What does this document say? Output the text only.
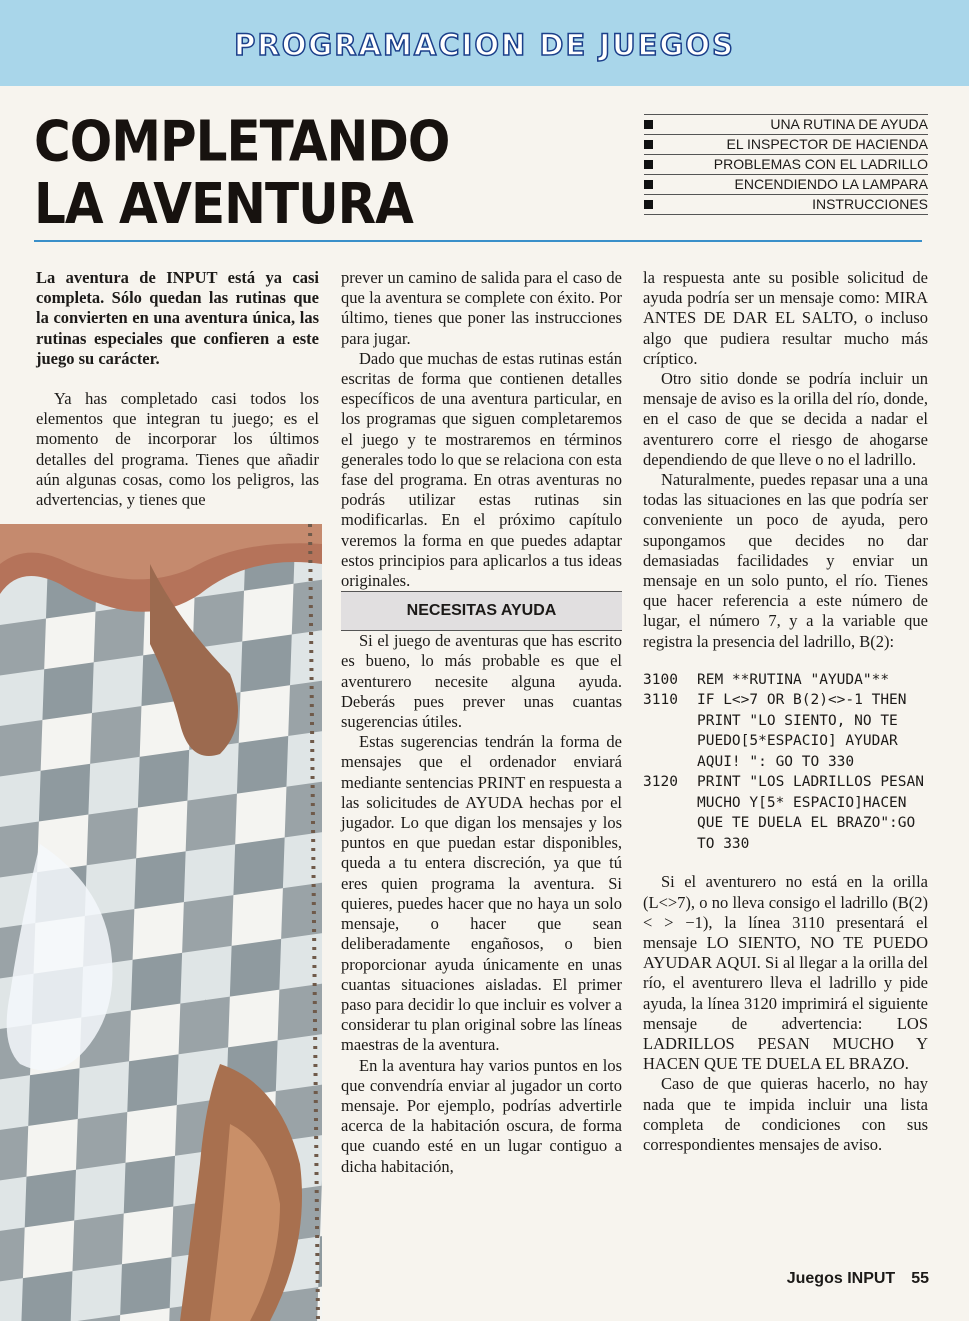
PROGRAMACION DE JUEGOS
COMPLETANDO
LA AVENTURA
UNA RUTINA DE AYUDA
EL INSPECTOR DE HACIENDA
PROBLEMAS CON EL LADRILLO
ENCENDIENDO LA LAMPARA
INSTRUCCIONES

La aventura de INPUT está ya casi completa. Sólo quedan las rutinas que la convierten en una aventura única, las rutinas especiales que confieren a este juego su carácter.

Ya has completado casi todos los elementos que integran tu juego; es el momento de incorporar los últimos detalles del programa. Tienes que añadir aún algunas cosas, como los peligros, las advertencias, y tienes que

prever un camino de salida para el caso de que la aventura se complete con éxito. Por último, tienes que poner las instrucciones para jugar.

Dado que muchas de estas rutinas están escritas de forma que contienen detalles específicos de una aventura particular, en los programas que siguen completaremos el juego y te mostraremos en términos generales todo lo que se relaciona con esta fase del programa. En otras aventuras no podrás utilizar estas rutinas sin modificarlas. En el próximo capítulo veremos la forma en que puedes adaptar estos principios para aplicarlos a tus ideas originales.

NECESITAS AYUDA

Si el juego de aventuras que has escrito es bueno, lo más probable es que el aventurero necesite alguna ayuda. Deberás pues prever unas cuantas sugerencias útiles.

Estas sugerencias tendrán la forma de mensajes que el ordenador enviará mediante sentencias PRINT en respuesta a las solicitudes de AYUDA hechas por el jugador. Lo que digan los mensajes y los puntos en que puedan estar disponibles, queda a tu entera discreción, ya que tú eres quien programa la aventura. Si quieres, puedes hacer que no haya un solo mensaje, o hacer que sean deliberadamente engañosos, o bien proporcionar ayuda únicamente en unas cuantas situaciones aisladas. El primer paso para decidir lo que incluir es volver a considerar tu plan original sobre las líneas maestras de la aventura.

En la aventura hay varios puntos en los que convendría enviar al jugador un corto mensaje. Por ejemplo, podrías advertirle acerca de la habitación oscura, de forma que cuando esté en un lugar contiguo a dicha habitación,

la respuesta ante su posible solicitud de ayuda podría ser un mensaje como: MIRA ANTES DE DAR EL SALTO, o incluso algo que pudiera resultar mucho más críptico.

Otro sitio donde se podría incluir un mensaje de aviso es la orilla del río, donde, en el caso de que se decida a nadar el aventurero corre el riesgo de ahogarse dependiendo de que lleve o no el ladrillo.

Naturalmente, puedes repasar una a una todas las situaciones en las que podría ser conveniente un poco de ayuda, pero supongamos que decides no dar demasiadas facilidades y enviar un mensaje en un solo punto, el río. Tienes que hacer referencia a este número de lugar, el número 7, y a la variable que registra la presencia del ladrillo, B(2):

3100	REM **RUTINA "AYUDA"**
3110	IF L<>7 OR B(2)<>-1 THEN PRINT "LO SIENTO, NO TE PUEDO[5*ESPACIO] AYUDAR AQUI! ": GO TO 330
3120	PRINT "LOS LADRILLOS PESAN MUCHO Y[5* ESPACIO]HACEN QUE TE DUELA EL BRAZO":GO TO 330

Si el aventurero no está en la orilla (L<>7), o no lleva consigo el ladrillo (B(2)< > −1), la línea 3110 presentará el mensaje LO SIENTO, NO TE PUEDO AYUDAR AQUI. Si al llegar a la orilla del río, el aventurero lleva el ladrillo y pide ayuda, la línea 3120 imprimirá el siguiente mensaje de advertencia: LOS LADRILLOS PESAN MUCHO Y HACEN QUE TE DUELA EL BRAZO.

Caso de que quieras hacerlo, no hay nada que te impida incluir una lista completa de condiciones con sus correspondientes mensajes de aviso.

Juegos INPUT 55
